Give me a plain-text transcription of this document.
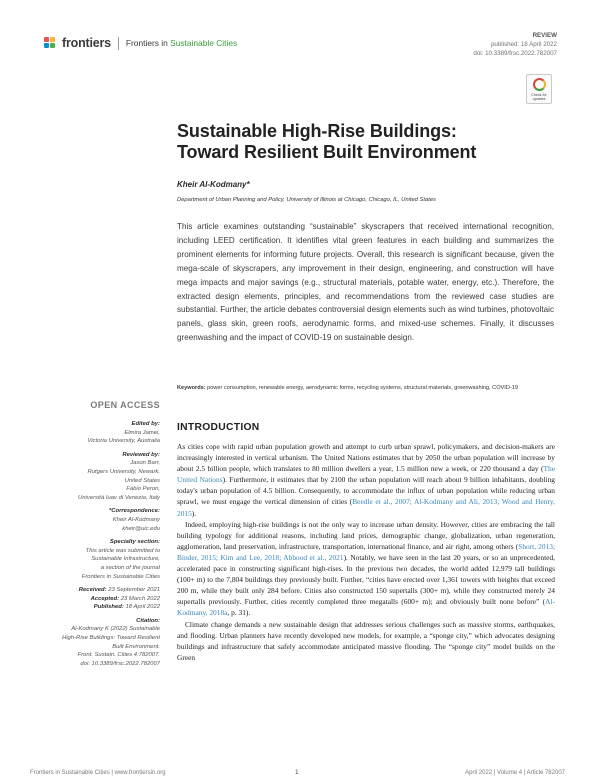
frontiers Frontiers in Sustainable Cities
REVIEW
published: 18 April 2022
doi: 10.3389/frsc.2022.782007
Check for
updates
Sustainable High-Rise Buildings:
Toward Resilient Built Environment
Kheir Al-Kodmany*
Department of Urban Planning and Policy, University of Illinois at Chicago, Chicago, IL, United States
This article examines outstanding “sustainable” skyscrapers that received international recognition, including LEED certification. It identifies vital green features in each building and summarizes the prominent elements for informing future projects. Overall, this research is significant because, given the mega-scale of skyscrapers, any improvement in their design, engineering, and construction will have mega impacts and major savings (e.g., structural materials, potable water, energy, etc.). Therefore, the extracted design elements, principles, and recommendations from the reviewed case studies are substantial. Further, the article debates controversial design elements such as wind turbines, photovoltaic panels, glass skin, green roofs, aerodynamic forms, and mixed-use schemes. Finally, it discusses greenwashing and the impact of COVID-19 on sustainable design.
Keywords: power consumption, renewable energy, aerodynamic forms, recycling systems, structural materials, greenwashing, COVID-19
OPEN ACCESS
Edited by:
Elmira Jamei,
Victoria University, Australia
Reviewed by:
Jason Barr,
Rutgers University, Newark,
United States
Fabio Peron,
Università Iuav di Venezia, Italy
*Correspondence:
Kheir Al-Kodmany
kheir@uic.edu
Specialty section:
This article was submitted to
Sustainable Infrastructure,
a section of the journal
Frontiers in Sustainable Cities
Received: 23 September 2021
Accepted: 23 March 2022
Published: 18 April 2022
Citation:
Al-Kodmany K (2022) Sustainable
High-Rise Buildings: Toward Resilient
Built Environment.
Front. Sustain. Cities 4:782007.
doi: 10.3389/frsc.2022.782007
INTRODUCTION

As cities cope with rapid urban population growth and attempt to curb urban sprawl, policymakers, and decision-makers are increasingly interested in vertical urbanism. The United Nations estimates that by 2050 the urban population will increase by about 2.5 billion people, which translates to 80 million dwellers a year, 1.5 million new a week, or 220 thousand a day (The United Nations). Furthermore, it estimates that by 2100 the urban population will reach about 9 billion inhabitants, doubling today's urban population of 4.5 billion. Consequently, to accommodate the influx of urban population while reducing urban sprawl, we must engage the vertical dimension of cities (Beedle et al., 2007; Al-Kodmany and Ali, 2013; Wood and Henry, 2015).

Indeed, employing high-rise buildings is not the only way to increase urban density. However, cities are embracing the tall building typology for additional reasons, including land prices, demographic change, globalization, urban regeneration, agglomeration, land preservation, infrastructure, transportation, international finance, and air right, among others (Short, 2013; Binder, 2015; Kim and Lee, 2018; Abbood et al., 2021). Notably, we have seen in the last 20 years, or so an unprecedented, accelerated pace in constructing significant high-rises. In the previous two decades, the world added 12,979 tall buildings (100+ m) to the 7,804 buildings they previously built. Further, “cities have erected over 1,361 towers with heights that exceed 200 m, while they built only 284 before. Cities also constructed 150 supertalls (300+ m), while they constructed merely 24 supertalls previously. Further, cities recently completed three megatalls (600+ m); and obviously built none before” (Al-Kodmany, 2018a, p. 31).

Climate change demands a new sustainable design that addresses serious challenges such as massive storms, earthquakes, and flooding. Urban planners have recently developed new models, for example, a “sponge city,” which advocates designing buildings and infrastructure that safely accommodate anticipated massive flooding. The “sponge city” model builds on the Green

Frontiers in Sustainable Cities | www.frontiersin.org	1	April 2022 | Volume 4 | Article 782007
